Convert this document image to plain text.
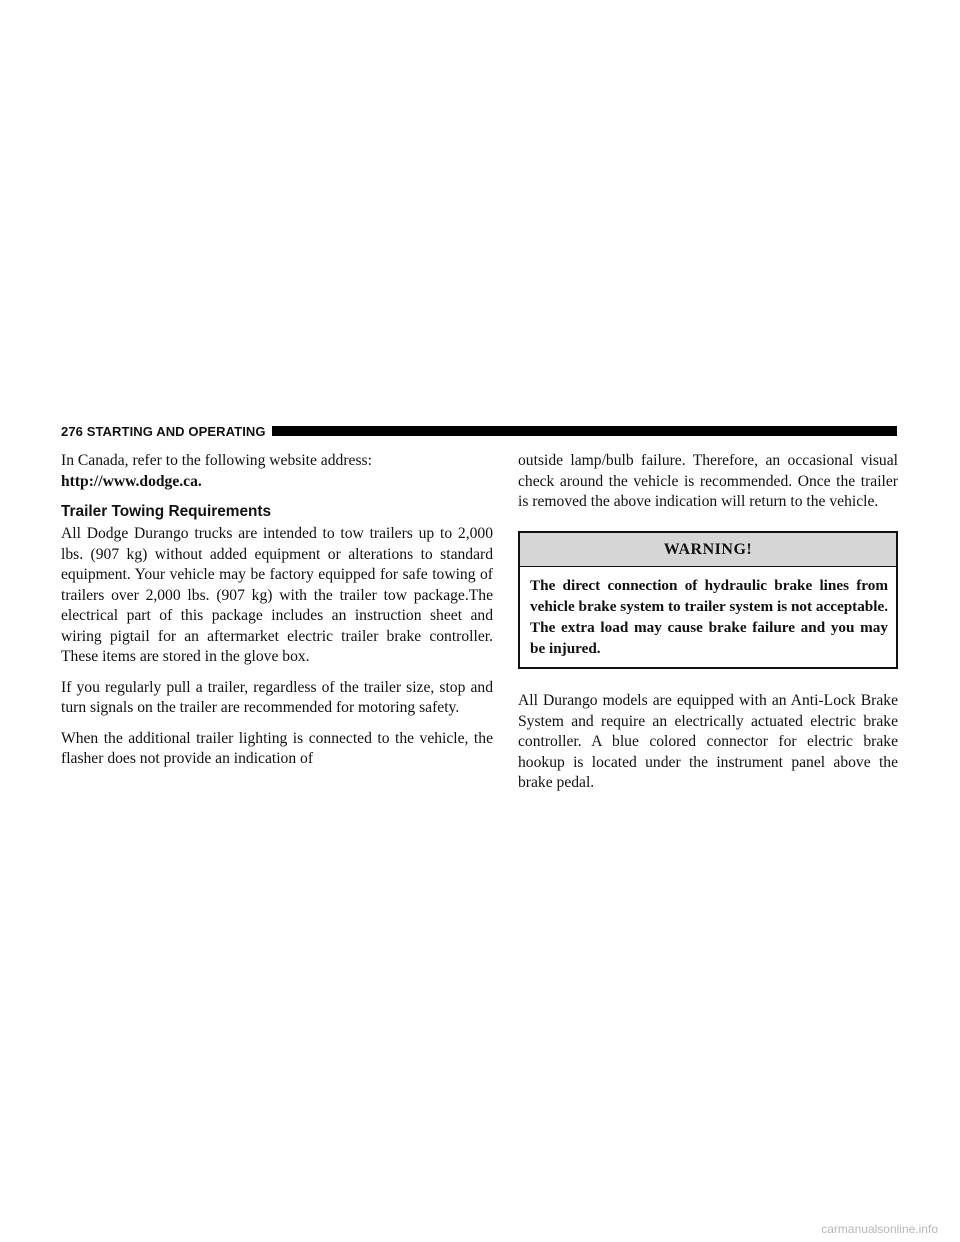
276 STARTING AND OPERATING

In Canada, refer to the following website address: http://www.dodge.ca.

Trailer Towing Requirements

All Dodge Durango trucks are intended to tow trailers up to 2,000 lbs. (907 kg) without added equipment or alterations to standard equipment. Your vehicle may be factory equipped for safe towing of trailers over 2,000 lbs. (907 kg) with the trailer tow package.The electrical part of this package includes an instruction sheet and wiring pigtail for an aftermarket electric trailer brake controller. These items are stored in the glove box.

If you regularly pull a trailer, regardless of the trailer size, stop and turn signals on the trailer are recommended for motoring safety.

When the additional trailer lighting is connected to the vehicle, the flasher does not provide an indication of

outside lamp/bulb failure. Therefore, an occasional visual check around the vehicle is recommended. Once the trailer is removed the above indication will return to the vehicle.

WARNING!
The direct connection of hydraulic brake lines from vehicle brake system to trailer system is not acceptable. The extra load may cause brake failure and you may be injured.

All Durango models are equipped with an Anti-Lock Brake System and require an electrically actuated electric brake controller. A blue colored connector for electric brake hookup is located under the instrument panel above the brake pedal.

carmanualsonline.info
